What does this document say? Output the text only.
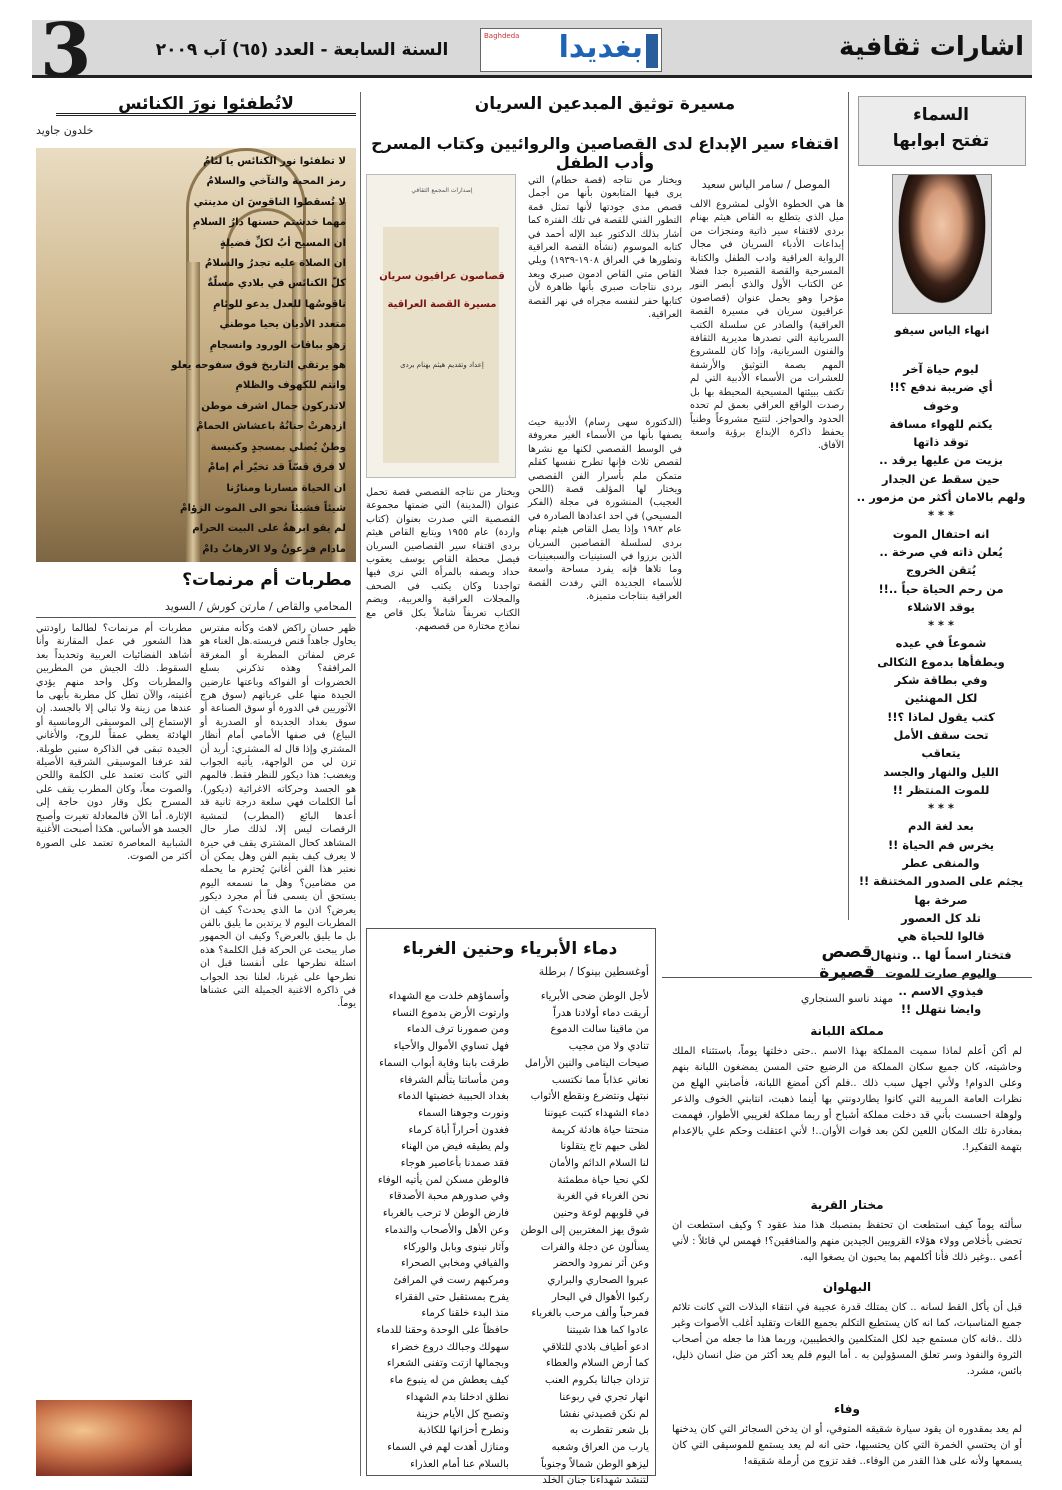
3	السنة السابعة - العدد (٦٥) آب ٢٠٠٩	بغديدا
Baghdeda	اشارات ثقافية
السماء
تفتح ابوابها
انهاء الياس سيفو
ليوم حياة آخر
أي ضريبة ندفع ؟!!
وخوف
يكتم للهواء مسافة
توقد ذاتها
بزيت من عليها يرقد ..
حين سقط عن الجدار
ولهم بالامان أكثر من مزمور ..
* * *
انه احتفال الموت
يُعلن ذاته في صرخة ..
يُتقن الخروج
من رحم الحياة حياً ..!!
يوقد الاشلاء
* * *
شموعاً في عيده
ويطفأها بدموع الثكالى
وفي بطاقة شكر
لكل المهنئين
كتب يقول لماذا ؟!!
تحت سقف الأمل
يتعاقب
الليل والنهار والجسد
للموت المنتظر !!
* * *
بعد لغة الدم
يخرس فم الحياة !!
والمنفى عطر
يجثم على الصدور المختنقة !!
صرخة بها
تلد كل العصور
قالوا للحياة هي
فتختار اسماً لها .. وتنهال
واليوم صارت للموت
فيذوي الاسم ..
وايضا نتهلل !!
مسيرة توثيق المبدعين السريان
اقتفاء سير الإبداع لدى القصاصين والروائيين وكتاب المسرح وأدب الطفل
الموصل / سامر الياس سعيد
ها هي الخطوة الأولى لمشروع الالف ميل الذي يتطلع به القاص هيثم بهنام بردى لاقتفاء سير ذاتية ومنجزات من إبداعات الأدباء السريان في مجال الرواية العراقية وادب الطفل والكتابة المسرحية والقصة القصيرة جدا فضلا عن الكتاب الأول والذي أبصر النور مؤخرا وهو يحمل عنوان (قصاصون عراقيون سريان في مسيرة القصة العراقية) والصادر عن سلسلة الكتب السريانية التي تصدرها مديرية الثقافة والفنون السريانية، وإذا كان للمشروع المهم بصمة التوثيق والأرشفة للعشرات من الأسماء الأدبية التي لم تكتف ببيئتها المسيحية المحيطة بها بل رصدت الواقع العراقي بعمق لم تحده الحدود والحواجز. لتتيح مشروعاً وطنياً يحفظ ذاكرة الإبداع برؤية واسعة الآفاق.
ويختار من نتاجه (قصة حطام) التي يرى فيها المتابعون بأنها من أجمل قصص مدى جودتها لأنها تمثل قمة التطور الفني للقصة في تلك الفترة كما أشار بذلك الدكتور عبد الإله أحمد في كتابه الموسوم (نشأة القصة العراقية وتطورها في العراق ١٩٠٨-١٩٣٩) ويلي القاص متي القاص ادمون صبري ويعد بردى نتاجات صبري بأنها ظاهرة لأن كتابها حفر لنفسه مجراه في نهر القصة العراقية.
(الدكتورة سهى رسام) الأدبية حيث يصفها بأنها من الأسماء الغير معروفة في الوسط القصصي لكنها مع نشرها لقصص ثلاث فإنها تطرح نفسها كقلم متمكن ملم بأسرار الفن القصصي ويختار لها المؤلف قصة (اللحن العجيب) المنشورة في مجلة (الفكر المسيحي) في احد اعدادها الصادرة في عام ١٩٨٢ وإذا يصل القاص هيثم بهنام بردى لسلسلة القصاصين السريان الذين برزوا في الستينيات والسبعينيات وما تلاها فإنه يفرد مساحة واسعة للأسماء الجديدة التي رفدت القصة العراقية بنتاجات متميزة.
ويختار من نتاجه القصصي قصة تحمل عنوان (المدينة) التي ضمتها مجموعة القصصية التي صدرت بعنوان (كتاب واردة) عام ١٩٥٥ ويتابع القاص هيثم بردى اقتفاء سير القصاصين السريان فيصل محطة القاص يوسف يعقوب حداد ويصفه بالمرأة التي نرى فيها تواجدنا وكان يكتب في الصحف والمجلات العراقية والعربية، ويضم الكتاب تعريفاً شاملاً بكل قاص مع نماذج مختارة من قصصهم.
إصدارات المجمع الثقافي
قصاصون عراقيون سريان
مسيرة القصة العراقية
إعداد وتقديم هيثم بهنام بردى
لاتُطفئوا نورَ الكنائس
خلدون جاويد
لا تطفئوا نور الكنائس يا لئامُ
رمز المحبة والتآخي والسلامُ
لا تُسقطوا الناقوسَ ان مدينتي
مهما خدشتم حسنها دارُ السلامِ
ان المسيح أبٌ لكلِّ فضيلةٍ
ان الصلاة عليه تجدرُ والسلامُ
كلّ الكنائس في بلادي مسلّةٌ
ناقوسُها للعدل يدعو للوئامِ
متعدد الأديان يحيا موطني
زهو بباقات الورود وانسجامِ
هو يرتقي التاريخ فوق سفوحه يعلو
وانتم للكهوف والظلامِ
لاتدركون جمال اشرف موطن
ازدهرتْ جنانُهُ باعشاش الحمامْ
وطنٌ يُصلي بمسجدٍ وكنيسة
لا فرق قسّاً قد تخيّر أم إمامْ
ان الحياة مسارنا ومنارُنا
شيئاً فشيئاً نحو الى الموت الزؤامْ
لم يقو ابرهةُ على البيت الحرام
مادام فرعونُ ولا الارهابُ دامْ
مطربات أم مرنمات؟
المحامي والقاص / مارتن كورش / السويد
ظهر حسان راكض لاهث وكأنه مفترس يحاول جاهداً قنص فريسته.هل الغناء هو عرض لمفاتن المطربة أو المغرقة المرافقة؟ وهذه تذكرني بسلع الخضروات أو الفواكه وباعتها عارضين الجيدة منها على عرباتهم (سوق هرج الآثوريين في الدورة أو سوق الصناعة أو سوق بغداد الجديدة أو الصدرية أو البياع) في صفها الأمامي أمام أنظار المشتري وإذا قال له المشتري: أريد أن تزن لي من الواجهة، يأتيه الجواب ويغضب: هذا ديكور للنظر فقط. فالمهم هو الجسد وحركاته الاغرائية (ديكور). أما الكلمات فهي سلعة درجة ثانية قد أعدها البائع (المطرب) لتمشية الرقصات ليس إلا، لذلك صار حال المشاهد كحال المشتري يقف في حيرة لا يعرف كيف يقيم الفن وهل يمكن أن نعتبر هذا الفن أغانيَ يُحترم ما يحمله من مضامين؟ وهل ما نسمعه اليوم يستحق أن يسمى فناً أم مجرد ديكور يعرض؟ اذن ما الذي يحدث؟ كيف ان المطربات اليوم لا يرتدين ما يليق بالفن بل ما يليق بالعرض؟ وكيف ان الجمهور صار يبحث عن الحركة قبل الكلمة؟ هذه اسئلة نطرحها على أنفسنا قبل ان نطرحها على غيرنا، لعلنا نجد الجواب في ذاكرة الاغنية الجميلة التي عشناها يوماً.
مطربات أم مرنمات؟ لطالما راودتني هذا الشعور في عمل المقارنة وأنا أشاهد الفضائيات العربية وتحديداً بعد السقوط. ذلك الجيش من المطربين والمطربات وكل واحد منهم يؤدي أغنيته، والآن تطل كل مطربة بأبهى ما عندها من زينة ولا تبالي إلا بالجسد. إن الإستماع إلى الموسيقى الرومانسية أو الهادئة يعطي عمقاً للروح، والأغاني الجيدة تبقى في الذاكرة سنين طويلة. لقد عرفنا الموسيقى الشرقية الأصيلة التي كانت تعتمد على الكلمة واللحن والصوت معاً، وكان المطرب يقف على المسرح بكل وقار دون حاجة إلى الإثارة. أما الآن فالمعادلة تغيرت وأصبح الجسد هو الأساس. هكذا أصبحت الأغنية الشبابية المعاصرة تعتمد على الصورة أكثر من الصوت.
دماء الأبرياء وحنين الغرباء
أوغسطين بينوكا / برطلة
لأجل الوطن ضحى الأبرياء
أريقت دماء أولادنا هدراً
من ماقينا سالت الدموع
تنادي ولا من مجيب
صيحات اليتامى والنين الأرامل
نعاني عذاباً مما نكتسب
نبتهل ونتضرع ونقطع الأثواب
دماء الشهداء كتبت عيوننا
منحتنا حياة هادئة كريمة
لظى حبهم تاج يتقلونا
لنا السلام الدائم والأمان
لكي نحيا حياة مطمئنة
نحن الغرباء في الغربة
في قلوبهم لوعة وحنين
شوق يهز المغتربين إلى الوطن
يسألون عن دجلة والفرات
وعن أثر نمرود والحضر
عبروا الصحاري والبراري
ركبوا الأهوال في البحار
فمرحباً وألف مرحب بالغرباء
عادوا كما هذا شيبتنا
ادعو أطياف بلادي للتلاقي
كما أرض السلام والعطاء
تزدان جبالنا بكروم العنب
انهار تجري في ربوعنا
لم نكن قصيدتي نفشا
بل شعر تقطرت به
يارب من العراق وشعبه
ليزهو الوطن شمالاً وجنوباً
لتنشد شهداءنا جنان الخلد
وأسماؤهم خلدت مع الشهداء
وارتوت الأرض بدموع النساء
ومن صمورنا ترف الدماء
فهل تساوي الأموال والأحياء
طرقت بابنا وفاية أبواب السماء
ومن مأساتنا يتألم الشرفاء
بغداد الحبيبة خضبتها الدماء
ونورت وجوهنا السماء
فغدون أحراراً أباة كرماء
ولم يطيقه فيض من الهناء
فقد صمدنا بأعاصير هوجاء
فالوطن مسكن لمن يأتيه الوفاء
وفي صدورهم محبة الأصدقاء
فارض الوطن لا ترحب بالغرباء
وعن الأهل والأصحاب والندماء
وآثار نينوى وبابل والوركاء
والفيافي ومخابي الصحراء
ومركبهم رست في المرافئ
يفرح بمستقبل حتى الفقراء
منذ البدء خلقنا كرماء
حافظاً على الوحدة وحقنا للدماء
سهولك وجبالك دروع خضراء
وبجمالها ازتت وتفنى الشعراء
كيف يعطش من له ينبوع ماء
نطلق ادخلنا بدم الشهداء
وتصبح كل الأيام حزينة
ونطرح أحزانها للكاذبة
ومنازل أهدت لهم في السماء
بالسلام عنا أمام العذراء
قصص قصيرة
مهند ناسو السنجاري
مملكة اللبانة
لم أكن أعلم لماذا سميت المملكة بهذا الاسم ..حتى دخلتها يوماً، باستثناء الملك وحاشيته، كان جميع سكان المملكة من الرضيع حتى المسن يمضغون اللبانة بنهم وعلى الدوام! ولأني اجهل سبب ذلك ..فلم أكن أمضغ اللبانة، فأصابني الهلع من نظرات العامة المريبة التي كانوا يطاردونني بها أينما ذهبت، انتابني الخوف والذعر ولوهلة احسست بأني قد دخلت مملكة أشباح أو ربما مملكة لغريبي الأطوار، فهممت بمغادرة تلك المكان اللعين لكن بعد فوات الأوان..! لأني اعتقلت وحكم علي بالإعدام بتهمة التفكير!.
مختار القرية
سألته يوماً كيف استطعت ان تحتفظ بمنصبك هذا منذ عقود ؟ وكيف استطعت ان تحضى بأخلاص وولاء هؤلاء القرويين الجيدين منهم والمنافقين؟! فهمس لي قائلاً : لأني أعمى ..وغير ذلك فأنا أكلمهم بما يحبون ان يصغوا اليه.
البهلوان
قبل أن يأكل القط لسانه .. كان يمتلك قدرة عجيبة في انتقاء البذلات التي كانت تلائم جميع المناسبات، كما انه كان يستطيع التكلم بجميع اللغات وتقليد أغلب الأصوات وغير ذلك ..فانه كان مستمع جيد لكل المتكلمين والخطيبين، وربما هذا ما جعله من أصحاب الثروة والنفوذ وسر تعلق المسؤولين به . أما اليوم فلم يعد أكثر من ضل انسان ذليل، بائس، مشرد.
وفاء
لم يعد بمقدوره ان يقود سيارة شقيقه المتوفي، أو ان يدخن السجائر التي كان يدخنها أو ان يحتسي الخمرة التي كان يحتسيها، حتى انه لم يعد يستمع للموسيقى التي كان يسمعها ولأنه على هذا القدر من الوفاء.. فقد تزوج من أرملة شقيقه!
